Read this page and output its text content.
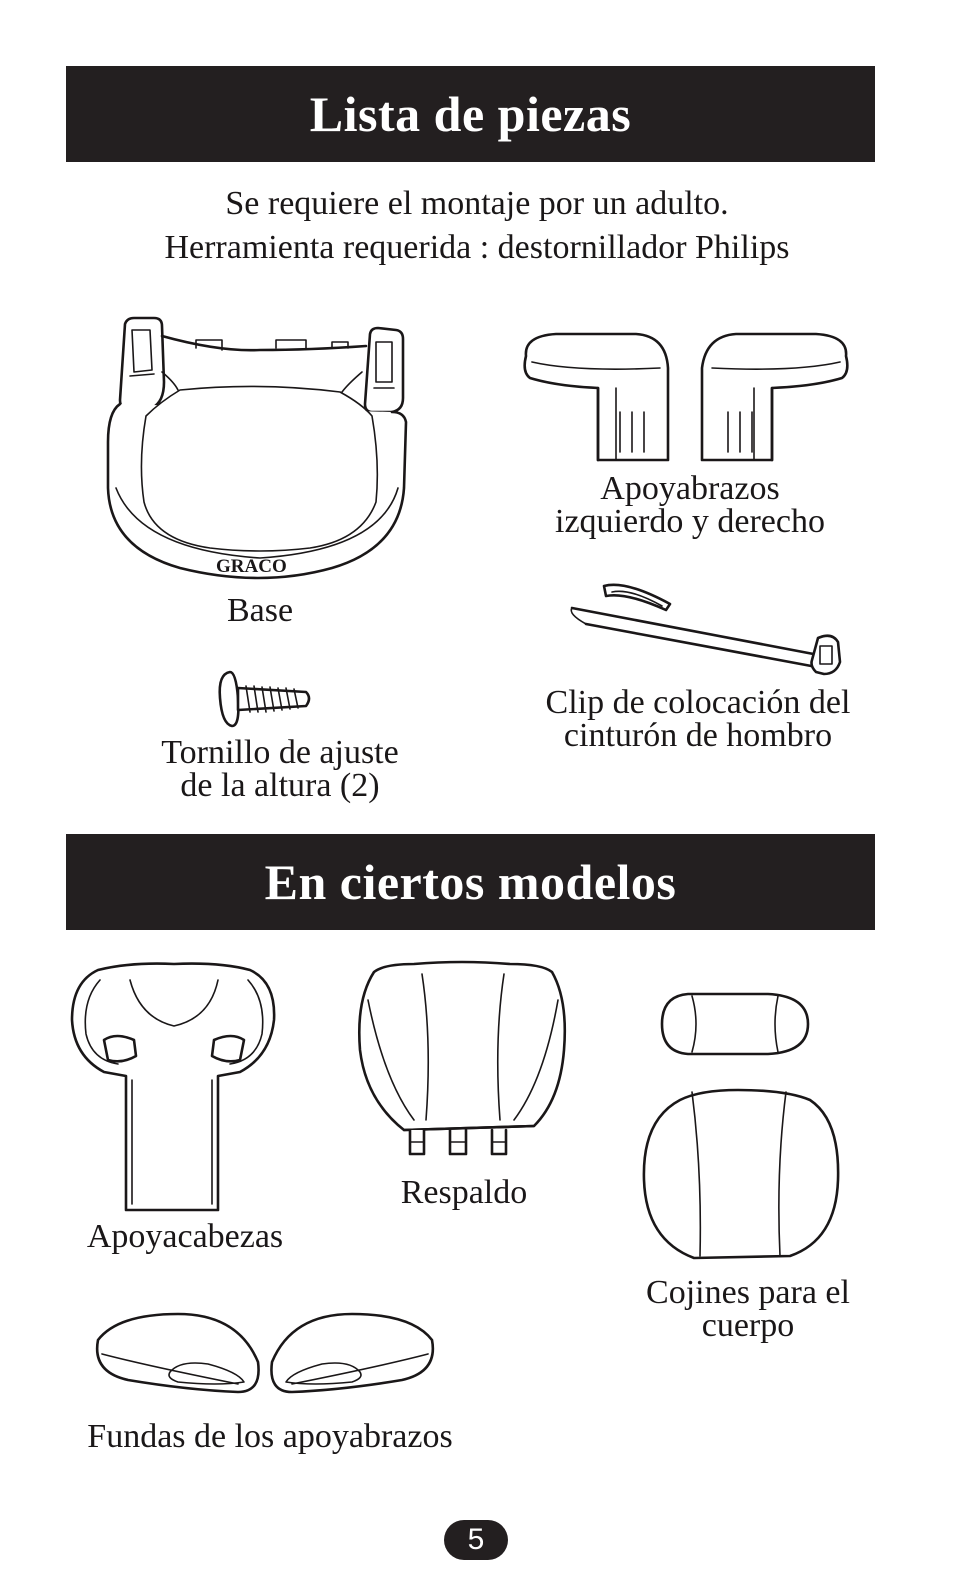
Lista de piezas
Se requiere el montaje por un adulto.
Herramienta requerida : destornillador Philips
GRACO
Base
Apoyabrazos
izquierdo y derecho
Clip de colocación del
cinturón de hombro
Tornillo de ajuste
de la altura (2)
En ciertos modelos
Apoyacabezas
Respaldo
Cojines para el
cuerpo
Fundas de los apoyabrazos
5
